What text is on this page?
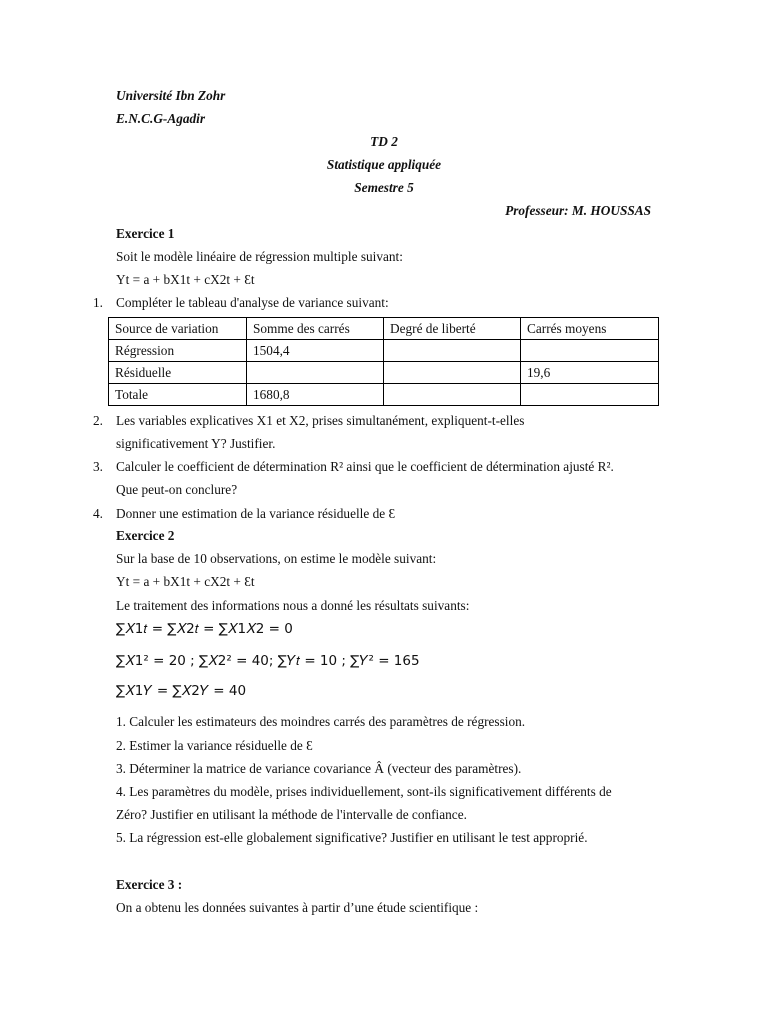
Université Ibn Zohr
E.N.C.G-Agadir
TD 2
Statistique appliquée
Semestre 5
Professeur: M. HOUSSAS
Exercice 1
Soit le modèle linéaire de régression multiple suivant:
Yt = a + bX1t + cX2t + Ɛt
1. Compléter le tableau d'analyse de variance suivant:
Source de variation	Somme des carrés	Degré de liberté	Carrés moyens
Régression	1504,4		
Résiduelle			19,6
Totale	1680,8		
2. Les variables explicatives X1 et X2, prises simultanément, expliquent-t-elles
significativement Y? Justifier.
3. Calculer le coefficient de détermination R² ainsi que le coefficient de détermination ajusté R².
Que peut-on conclure?
4. Donner une estimation de la variance résiduelle de Ɛ
Exercice 2
Sur la base de 10 observations, on estime le modèle suivant:
Yt = a + bX1t + cX2t + Ɛt
Le traitement des informations nous a donné les résultats suivants:
∑𝑋1𝑡 = ∑𝑋2𝑡 = ∑𝑋1𝑋2 = 0
∑𝑋1² = 20 ; ∑𝑋2² = 40; ∑𝑌𝑡 = 10 ; ∑𝑌² = 165
∑𝑋1𝑌 = ∑𝑋2𝑌 = 40
1. Calculer les estimateurs des moindres carrés des paramètres de régression.
2. Estimer la variance résiduelle de Ɛ
3. Déterminer la matrice de variance covariance Â (vecteur des paramètres).
4. Les paramètres du modèle, prises individuellement, sont-ils significativement différents de
Zéro? Justifier en utilisant la méthode de l'intervalle de confiance.
5. La régression est-elle globalement significative? Justifier en utilisant le test approprié.
Exercice 3 :
On a obtenu les données suivantes à partir d’une étude scientifique :
